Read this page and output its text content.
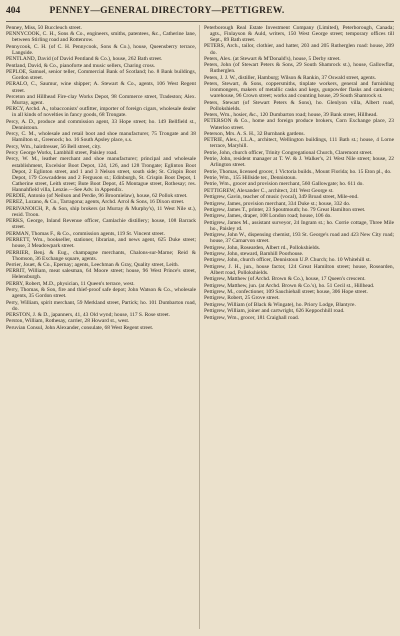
404	PENNEY—GENERAL DIRECTORY—PETTIGREW.
Penney, Miss, 50 Buccleuch street.
PENNYCOOK, C. H., Sons & Co., engineers, smiths, patentees, &c., Catherine lane, between Stirling road and Rottenrow.
Pennycook, C. H. (of C. H. Pennycook, Sons & Co.), house, Queensberry terrace, Langside.
PENTLAND, David (of David Pentland & Co.), house, 262 Bath street.
Pentland, David, & Co., pianoforte and music sellers, Charing cross.
PEPLOE, Samuel, senior teller, Commercial Bank of Scotland; ho. 8 Bank buildings, Gordon street.
PERALO, C., Saumur, wine shipper; A. Stewart & Co., agents, 106 West Regent street.
Perceton and Hillhead Fire-clay Works Depot, 98 Commerce street, Tradeston; Alex. Murray, agent.
PERCY, Archd. A., tobacconists' outfitter, importer of foreign cigars, wholesale dealer in all kinds of novelties in fancy goods, 68 Trongate.
Percy, A. D., produce and commission agent, 33 Hope street; ho. 149 Bellfield st., Dennistoun.
Percy, C. M., wholesale and retail boot and shoe manufacturer, 75 Trongate and 38 Hamilton st., Greenock; ho. 16 South Apsley place, s.s.
Percy, Wm., hairdresser, 56 Bell street, city.
Percy George Works, Lambhill street, Paisley road.
Percy, W. M., leather merchant and shoe manufacturer; principal and wholesale establishment, Excelsior Boot Depot, 124, 126, and 128 Trongate; Eglinton Boot Depot, 2 Eglinton street, and 1 and 3 Nelson street, south side; St. Crispin Boot Depot, 179 Cowcaddens and 2 Ferguson st.; Edinburgh, St. Crispin Boot Depot, 1 Catherine street, Leith street; Bute Boot Depot, 45 Montague street, Rothesay; res. Hannahfield villa, Lenzie.—See Adv. in Appendix.
PERDIE, Antonio (of Neilson and Perdie, 96 Broomielaw), house, 62 Pollok street.
PEREZ, Lozano, & Co., Tarragona; agents, Archd. Arrol & Sons, 16 Dixon street.
PERIVANOICH, P., & Son, ship brokers (at Murray & Murphy's), 11 West Nile st.), resid. Troon.
PERKS, George, Inland Revenue officer, Camlachie distillery; house, 108 Barrack street.
PERMAN, Thomas F., & Co., commission agents, 119 St. Vincent street.
PERRETT, Wm., bookseller, stationer, librarian, and news agent, 625 Duke street; house, 3 Meadowpark street.
PERRIER, Benj. & Eug., champagne merchants, Chalons-sur-Marne; Reid & Thomson, 36 Exchange square, agents.
Perrier, Jouet, & Co., Epernay; agents, Leechman & Gray, Quality street, Leith.
PERRIT, William, meat salesman, 64 Moore street; house, 96 West Prince's street, Helensburgh.
PERRY, Robert, M.D., physician, 11 Queen's terrace, west.
Perry, Thomas, & Son, fire and thief-proof safe depot; John Watson & Co., wholesale agents, 35 Gordon street.
Perry, William, spirit merchant, 59 Merkland street, Partick; ho. 101 Dumbarton road, do.
PERSTON, J. & D., japanners, 41, 43 Old wynd; house, 117 S. Rose street.
Perston, William, Rothesay, carrier, 28 Howard st., west.
Peruvian Consul, John Alexander, consulate, 68 West Regent street.
Peterborough Real Estate Investment Company (Limited), Peterborough, Canada; agts., Finlayson & Auld, writers, 150 West George street; temporary offices till Sept., 89 Bath street.
PETERS, Arch., tailor, clothier, and hatter, 203 and 205 Rutherglen road: house, 209 do.
Peters, Alex. (at Stewart & M'Donald's), house, 5 Derby street.
Peters, John (of Stewart Peters & Sons, 29 South Shamrock st.), house, Gallowflat, Rutherglen.
Peters, J. J. W., distiller, Hamburg; Wilson & Rankin, 37 Oswald street, agents.
Peters, Stewart, & Sons, coppersmiths, tinplate workers, general and furnishing ironmongers, makers of metallic casks and kegs, gunpowder flasks and canisters; warehouse, 96 Crown street; works and counting house, 29 South Shamrock st.
Peters, Stewart (of Stewart Peters & Sons), ho. Glenlyon villa, Albert road, Pollokshields.
Peters, Wm., hosier, &c., 120 Dumbarton road; house, 39 Bank street, Hillhead.
PETERSON & Co., home and foreign produce brokers, Corn Exchange place, 23 Waterloo street.
Peterson, Mrs. A. S. H., 32 Burnbank gardens.
PETRIE, Alex., LL.A., architect, Wellington buildings, 111 Bath st.; house, 4 Lorne terrace, Maryhill.
Petrie, John, church officer, Trinity Congregational Church, Claremont street.
Petrie, John, resident manager at T. W. & J. Walker's, 21 West Nile street; house, 22 Arlington street.
Petrie, Thomas, licensed grocer, 1 Victoria builds., Mount Florida; ho. 15 Eton pl., do.
Petrie, Wm., 155 Hillside ter., Dennistoun.
Petrie, Wm., grocer and provision merchant, 560 Gallowgate; ho. 611 do.
PETTIGREW, Alexander C., architect, 241 West George st.
Pettigrew, Gavin, teacher of music (vocal), 349 Broad street, Mile-end.
Pettigrew, James, provision merchant, 334 Duke st.; house, 332 do.
Pettigrew, James T., printer, 23 Spoutmouth; ho. 79 Great Hamilton street.
Pettigrew, James, draper, 108 London road; house, 106 do.
Pettigrew, James M., assistant surveyor, 24 Ingram st.; ho. Corrie cottage, Three Mile ho., Paisley rd.
Pettigrew, John W., dispensing chemist, 193 St. George's road and 423 New City road; house, 37 Carnarvon street.
Pettigrew, John, Rosearden, Albert rd., Pollokshields.
Pettigrew, John, steward, Barnhill Poorhouse.
Pettigrew, John, church officer, Dennistoun U.P. Church; ho. 10 Whitehill st.
Pettigrew, J. H., jun., house factor, 124 Great Hamilton street; house, Rosearden, Albert road, Pollokshields.
Pettigrew, Matthew (of Archd. Brown & Co.), house, 17 Queen's crescent.
Pettigrew, Matthew, jun. (at Archd. Brown & Co.'s), ho. 51 Cecil st., Hillhead.
Pettigrew, M., confectioner, 109 Sauchiehall street; house, 306 Hope street.
Pettigrew, Robert, 25 Grove street.
Pettigrew, William (of Black & Wingate), ho. Priory Lodge, Blantyre.
Pettigrew, William, joiner and cartwright, 626 Keppochhill road.
Pettigrew, Wm., grocer, 181 Craighall road.
